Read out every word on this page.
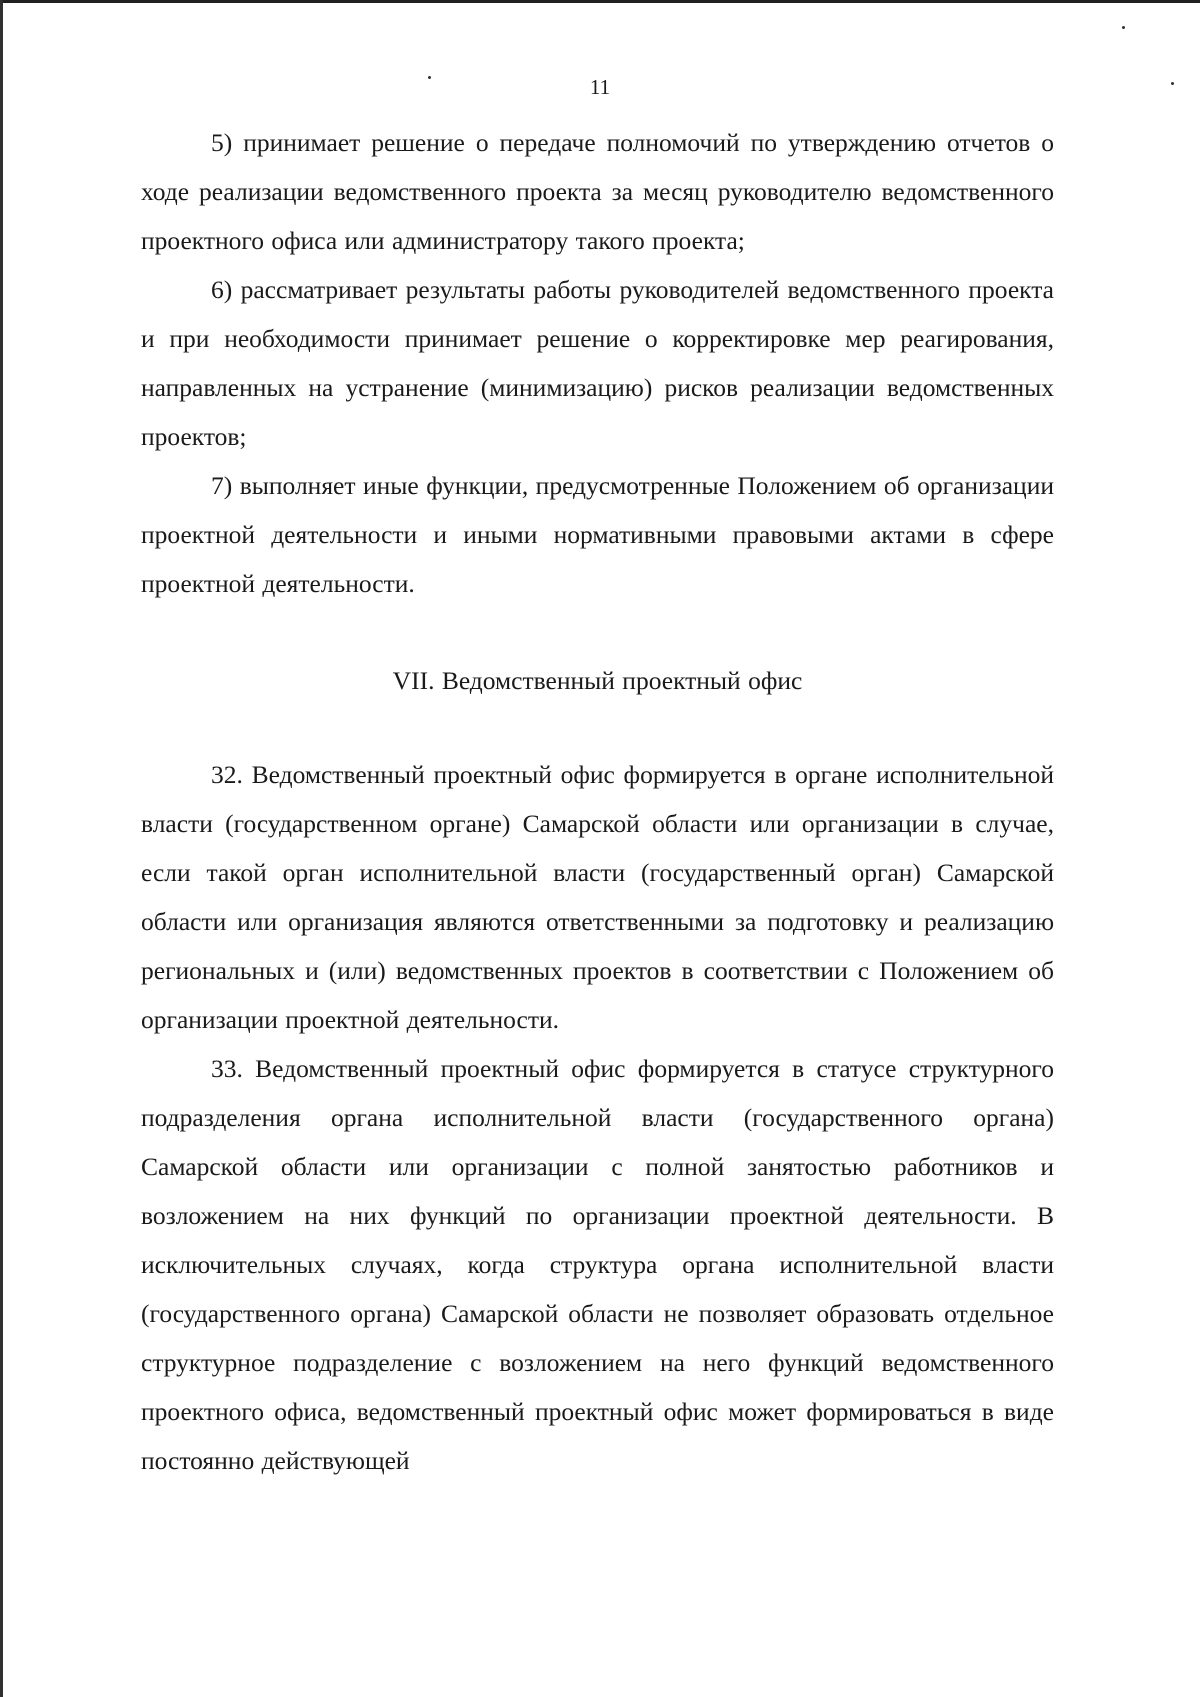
11

5) принимает решение о передаче полномочий по утверждению отчетов о ходе реализации ведомственного проекта за месяц руководителю ведомственного проектного офиса или администратору такого проекта;

6) рассматривает результаты работы руководителей ведомственного проекта и при необходимости принимает решение о корректировке мер реагирования, направленных на устранение (минимизацию) рисков реализации ведомственных проектов;

7) выполняет иные функции, предусмотренные Положением об организации проектной деятельности и иными нормативными правовыми актами в сфере проектной деятельности.

VII. Ведомственный проектный офис

32. Ведомственный проектный офис формируется в органе исполнительной власти (государственном органе) Самарской области или организации в случае, если такой орган исполнительной власти (государственный орган) Самарской области или организация являются ответственными за подготовку и реализацию региональных и (или) ведомственных проектов в соответствии с Положением об организации проектной деятельности.

33. Ведомственный проектный офис формируется в статусе структурного подразделения органа исполнительной власти (государственного органа) Самарской области или организации с полной занятостью работников и возложением на них функций по организации проектной деятельности. В исключительных случаях, когда структура органа исполнительной власти (государственного органа) Самарской области не позволяет образовать отдельное структурное подразделение с возложением на него функций ведомственного проектного офиса, ведомственный проектный офис может формироваться в виде постоянно действующей
